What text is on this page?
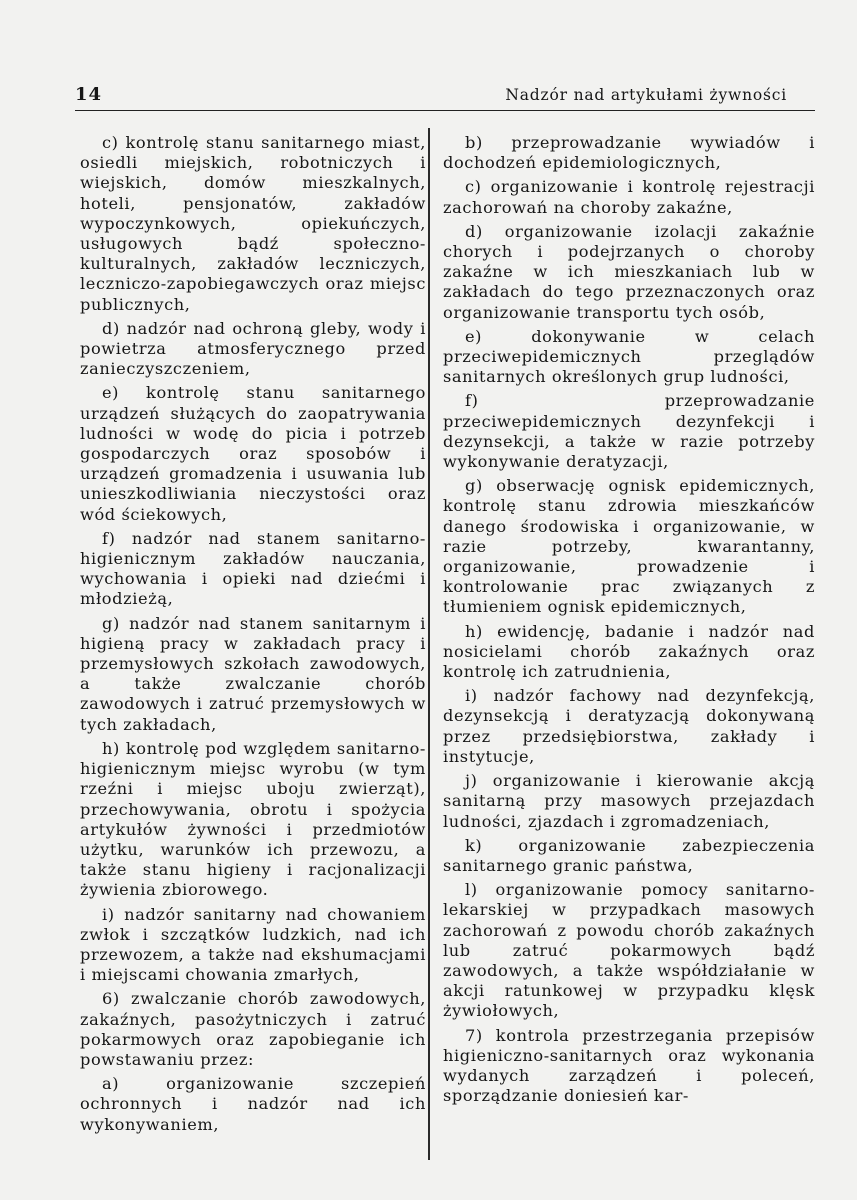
14	Nadzór nad artykułami żywności

c) kontrolę stanu sanitarnego miast, osiedli miejskich, robotniczych i wiejskich, domów mieszkalnych, hoteli, pensjonatów, zakładów wypoczynkowych, opiekuńczych, usługowych bądź społeczno-kulturalnych, zakładów leczniczych, leczniczo-zapobiegawczych oraz miejsc publicznych,

d) nadzór nad ochroną gleby, wody i powietrza atmosferycznego przed zanieczyszczeniem,

e) kontrolę stanu sanitarnego urządzeń służących do zaopatrywania ludności w wodę do picia i potrzeb gospodarczych oraz sposobów i urządzeń gromadzenia i usuwania lub unieszkodliwiania nieczystości oraz wód ściekowych,

f) nadzór nad stanem sanitarno-higienicznym zakładów nauczania, wychowania i opieki nad dziećmi i młodzieżą,

g) nadzór nad stanem sanitarnym i higieną pracy w zakładach pracy i przemysłowych szkołach zawodowych, a także zwalczanie chorób zawodowych i zatruć przemysłowych w tych zakładach,

h) kontrolę pod względem sanitarno-higienicznym miejsc wyrobu (w tym rzeźni i miejsc uboju zwierząt), przechowywania, obrotu i spożycia artykułów żywności i przedmiotów użytku, warunków ich przewozu, a także stanu higieny i racjonalizacji żywienia zbiorowego.

i) nadzór sanitarny nad chowaniem zwłok i szczątków ludzkich, nad ich przewozem, a także nad ekshumacjami i miejscami chowania zmarłych,

6) zwalczanie chorób zawodowych, zakaźnych, pasożytniczych i zatruć pokarmowych oraz zapobieganie ich powstawaniu przez:

a) organizowanie szczepień ochronnych i nadzór nad ich wykonywaniem,

b) przeprowadzanie wywiadów i dochodzeń epidemiologicznych,

c) organizowanie i kontrolę rejestracji zachorowań na choroby zakaźne,

d) organizowanie izolacji zakaźnie chorych i podejrzanych o choroby zakaźne w ich mieszkaniach lub w zakładach do tego przeznaczonych oraz organizowanie transportu tych osób,

e) dokonywanie w celach przeciwepidemicznych przeglądów sanitarnych określonych grup ludności,

f) przeprowadzanie przeciwepidemicznych dezynfekcji i dezynsekcji, a także w razie potrzeby wykonywanie deratyzacji,

g) obserwację ognisk epidemicznych, kontrolę stanu zdrowia mieszkańców danego środowiska i organizowanie, w razie potrzeby, kwarantanny, organizowanie, prowadzenie i kontrolowanie prac związanych z tłumieniem ognisk epidemicznych,

h) ewidencję, badanie i nadzór nad nosicielami chorób zakaźnych oraz kontrolę ich zatrudnienia,

i) nadzór fachowy nad dezynfekcją, dezynsekcją i deratyzacją dokonywaną przez przedsiębiorstwa, zakłady i instytucje,

j) organizowanie i kierowanie akcją sanitarną przy masowych przejazdach ludności, zjazdach i zgromadzeniach,

k) organizowanie zabezpieczenia sanitarnego granic państwa,

l) organizowanie pomocy sanitarno-lekarskiej w przypadkach masowych zachorowań z powodu chorób zakaźnych lub zatruć pokarmowych bądź zawodowych, a także współdziałanie w akcji ratunkowej w przypadku klęsk żywiołowych,

7) kontrola przestrzegania przepisów higieniczno-sanitarnych oraz wykonania wydanych zarządzeń i poleceń, sporządzanie doniesień kar-
